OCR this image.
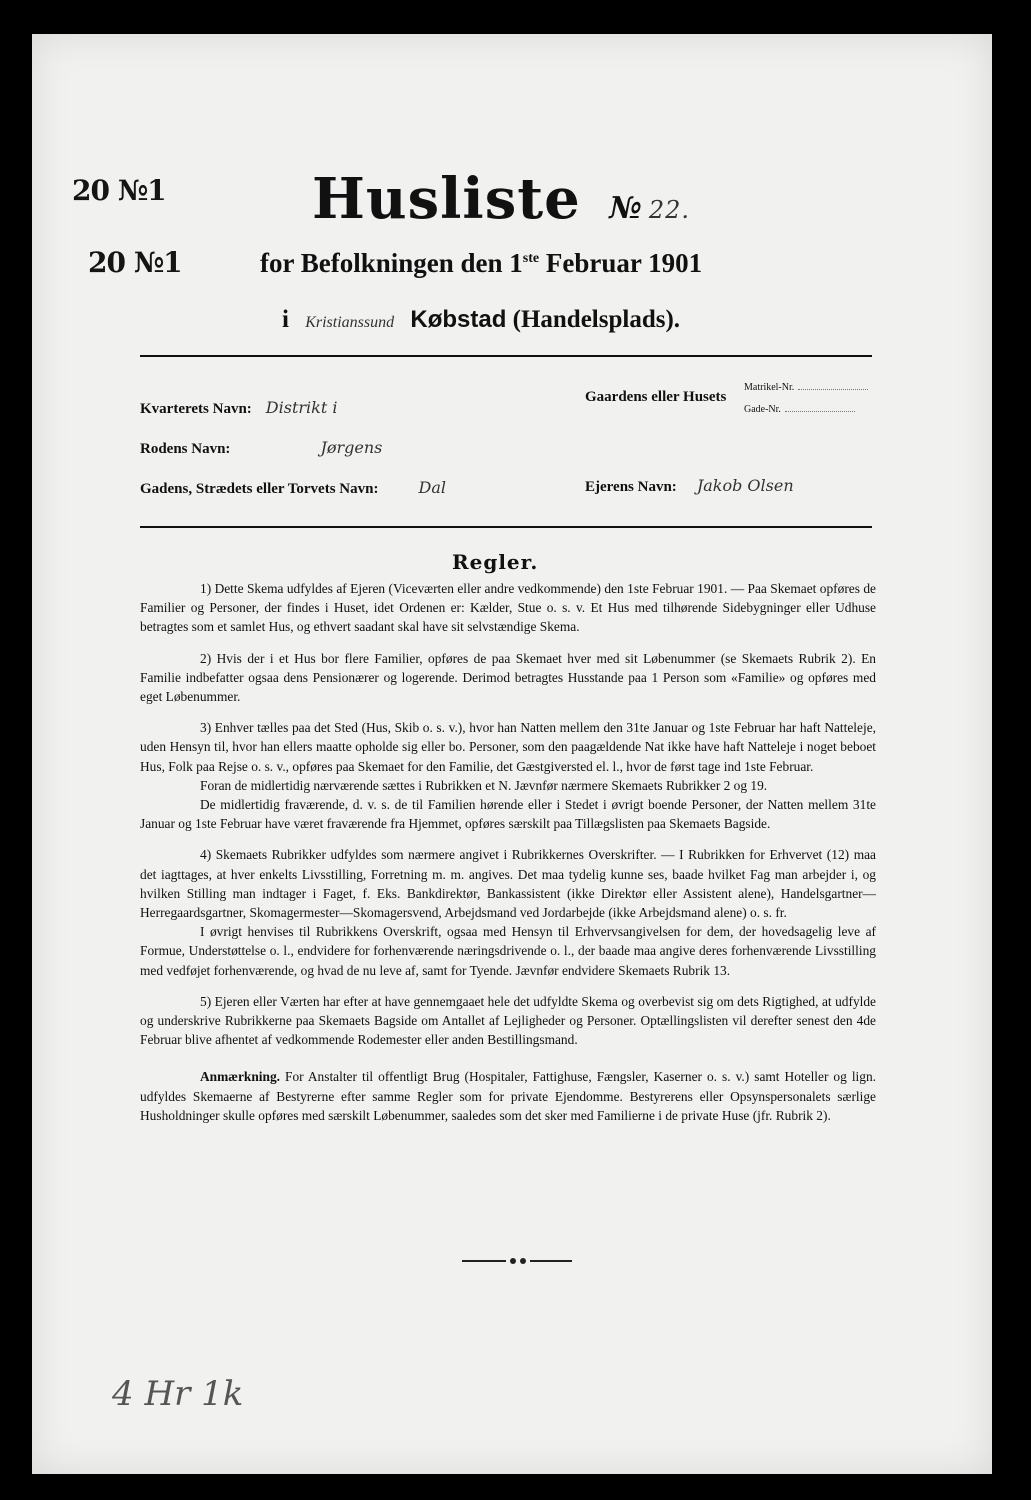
20 №1
20 №1
Husliste № 22.
for Befolkningen den 1ste Februar 1901
i Kristianssund Købstad (Handelsplads).
Kvarterets Navn: Distrikt i
Gaardens eller Husets
Matrikel-Nr.
Gade-Nr.
Rodens Navn:	Jørgens
Gadens, Strædets eller Torvets Navn:	Dal	Ejerens Navn: Jakob Olsen
Regler.

1) Dette Skema udfyldes af Ejeren (Viceværten eller andre vedkommende) den 1ste Februar 1901. — Paa Skemaet opføres de Familier og Personer, der findes i Huset, idet Ordenen er: Kælder, Stue o. s. v. Et Hus med tilhørende Sidebygninger eller Udhuse betragtes som et samlet Hus, og ethvert saadant skal have sit selvstændige Skema.

2) Hvis der i et Hus bor flere Familier, opføres de paa Skemaet hver med sit Løbenummer (se Skemaets Rubrik 2). En Familie indbefatter ogsaa dens Pensionærer og logerende. Derimod betragtes Husstande paa 1 Person som «Familie» og opføres med eget Løbenummer.

3) Enhver tælles paa det Sted (Hus, Skib o. s. v.), hvor han Natten mellem den 31te Januar og 1ste Februar har haft Natteleje, uden Hensyn til, hvor han ellers maatte opholde sig eller bo. Personer, som den paagældende Nat ikke have haft Natteleje i noget beboet Hus, Folk paa Rejse o. s. v., opføres paa Skemaet for den Familie, det Gæstgiversted el. l., hvor de først tage ind 1ste Februar.

Foran de midlertidig nærværende sættes i Rubrikken et N. Jævnfør nærmere Skemaets Rubrikker 2 og 19.

De midlertidig fraværende, d. v. s. de til Familien hørende eller i Stedet i øvrigt boende Personer, der Natten mellem 31te Januar og 1ste Februar have været fraværende fra Hjemmet, opføres særskilt paa Tillægslisten paa Skemaets Bagside.

4) Skemaets Rubrikker udfyldes som nærmere angivet i Rubrikkernes Overskrifter. — I Rubrikken for Erhvervet (12) maa det iagttages, at hver enkelts Livsstilling, Forretning m. m. angives. Det maa tydelig kunne ses, baade hvilket Fag man arbejder i, og hvilken Stilling man indtager i Faget, f. Eks. Bankdirektør, Bankassistent (ikke Direktør eller Assistent alene), Handelsgartner—Herregaardsgartner, Skomagermester—Skomagersvend, Arbejdsmand ved Jordarbejde (ikke Arbejdsmand alene) o. s. fr.

I øvrigt henvises til Rubrikkens Overskrift, ogsaa med Hensyn til Erhvervsangivelsen for dem, der hovedsagelig leve af Formue, Understøttelse o. l., endvidere for forhenværende næringsdrivende o. l., der baade maa angive deres forhenværende Livsstilling med vedføjet forhenværende, og hvad de nu leve af, samt for Tyende. Jævnfør endvidere Skemaets Rubrik 13.

5) Ejeren eller Værten har efter at have gennemgaaet hele det udfyldte Skema og overbevist sig om dets Rigtighed, at udfylde og underskrive Rubrikkerne paa Skemaets Bagside om Antallet af Lejligheder og Personer. Optællingslisten vil derefter senest den 4de Februar blive afhentet af vedkommende Rodemester eller anden Bestillingsmand.

Anmærkning. For Anstalter til offentligt Brug (Hospitaler, Fattighuse, Fængsler, Kaserner o. s. v.) samt Hoteller og lign. udfyldes Skemaerne af Bestyrerne efter samme Regler som for private Ejendomme. Bestyrerens eller Opsynspersonalets særlige Husholdninger skulle opføres med særskilt Løbenummer, saaledes som det sker med Familierne i de private Huse (jfr. Rubrik 2).

4 Hr 1k
